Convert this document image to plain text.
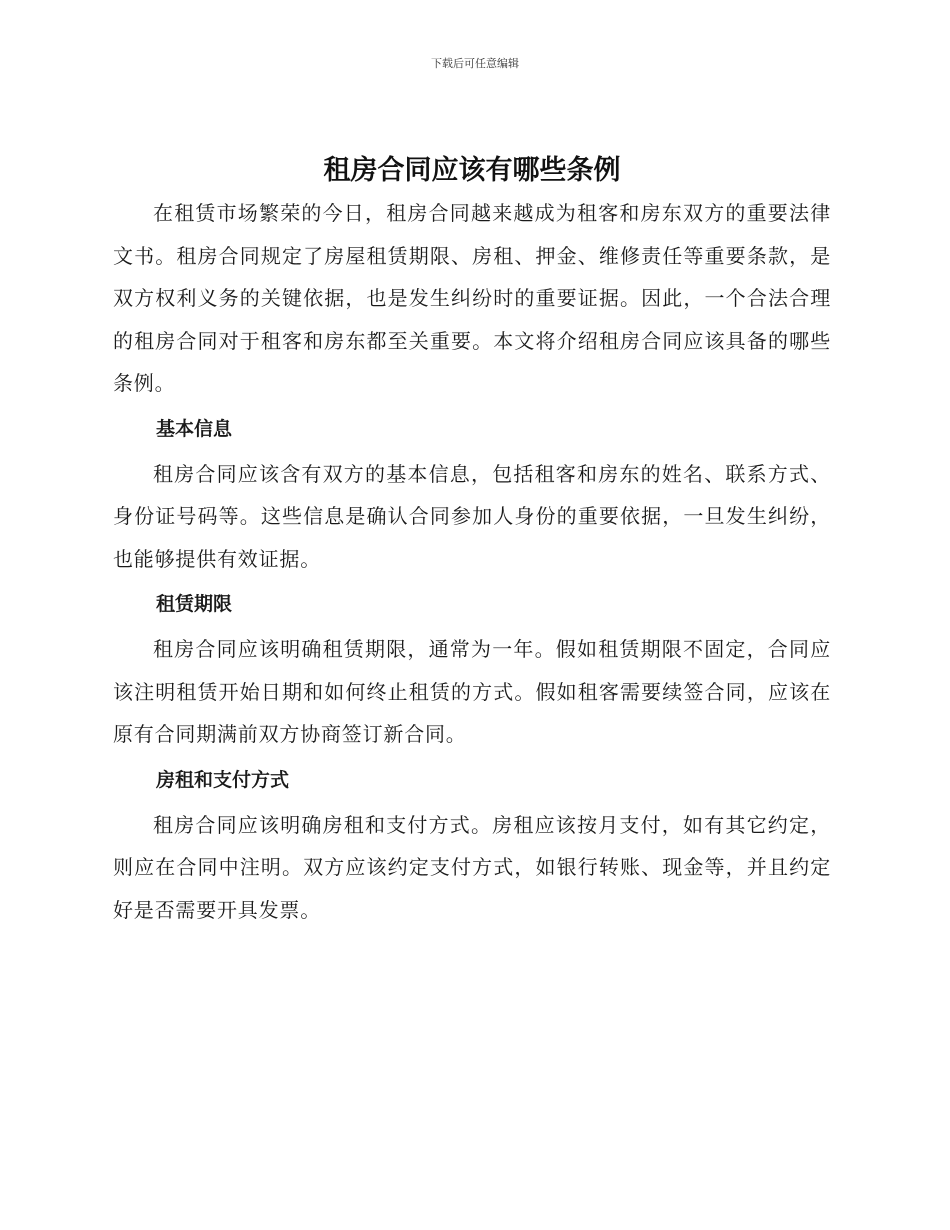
下载后可任意编辑
租房合同应该有哪些条例

在租赁市场繁荣的今日，租房合同越来越成为租客和房东双方的重要法律文书。租房合同规定了房屋租赁期限、房租、押金、维修责任等重要条款，是双方权利义务的关键依据，也是发生纠纷时的重要证据。因此，一个合法合理的租房合同对于租客和房东都至关重要。本文将介绍租房合同应该具备的哪些条例。

基本信息

租房合同应该含有双方的基本信息，包括租客和房东的姓名、联系方式、身份证号码等。这些信息是确认合同参加人身份的重要依据，一旦发生纠纷，也能够提供有效证据。

租赁期限

租房合同应该明确租赁期限，通常为一年。假如租赁期限不固定，合同应该注明租赁开始日期和如何终止租赁的方式。假如租客需要续签合同，应该在原有合同期满前双方协商签订新合同。

房租和支付方式

租房合同应该明确房租和支付方式。房租应该按月支付，如有其它约定，则应在合同中注明。双方应该约定支付方式，如银行转账、现金等，并且约定好是否需要开具发票。
